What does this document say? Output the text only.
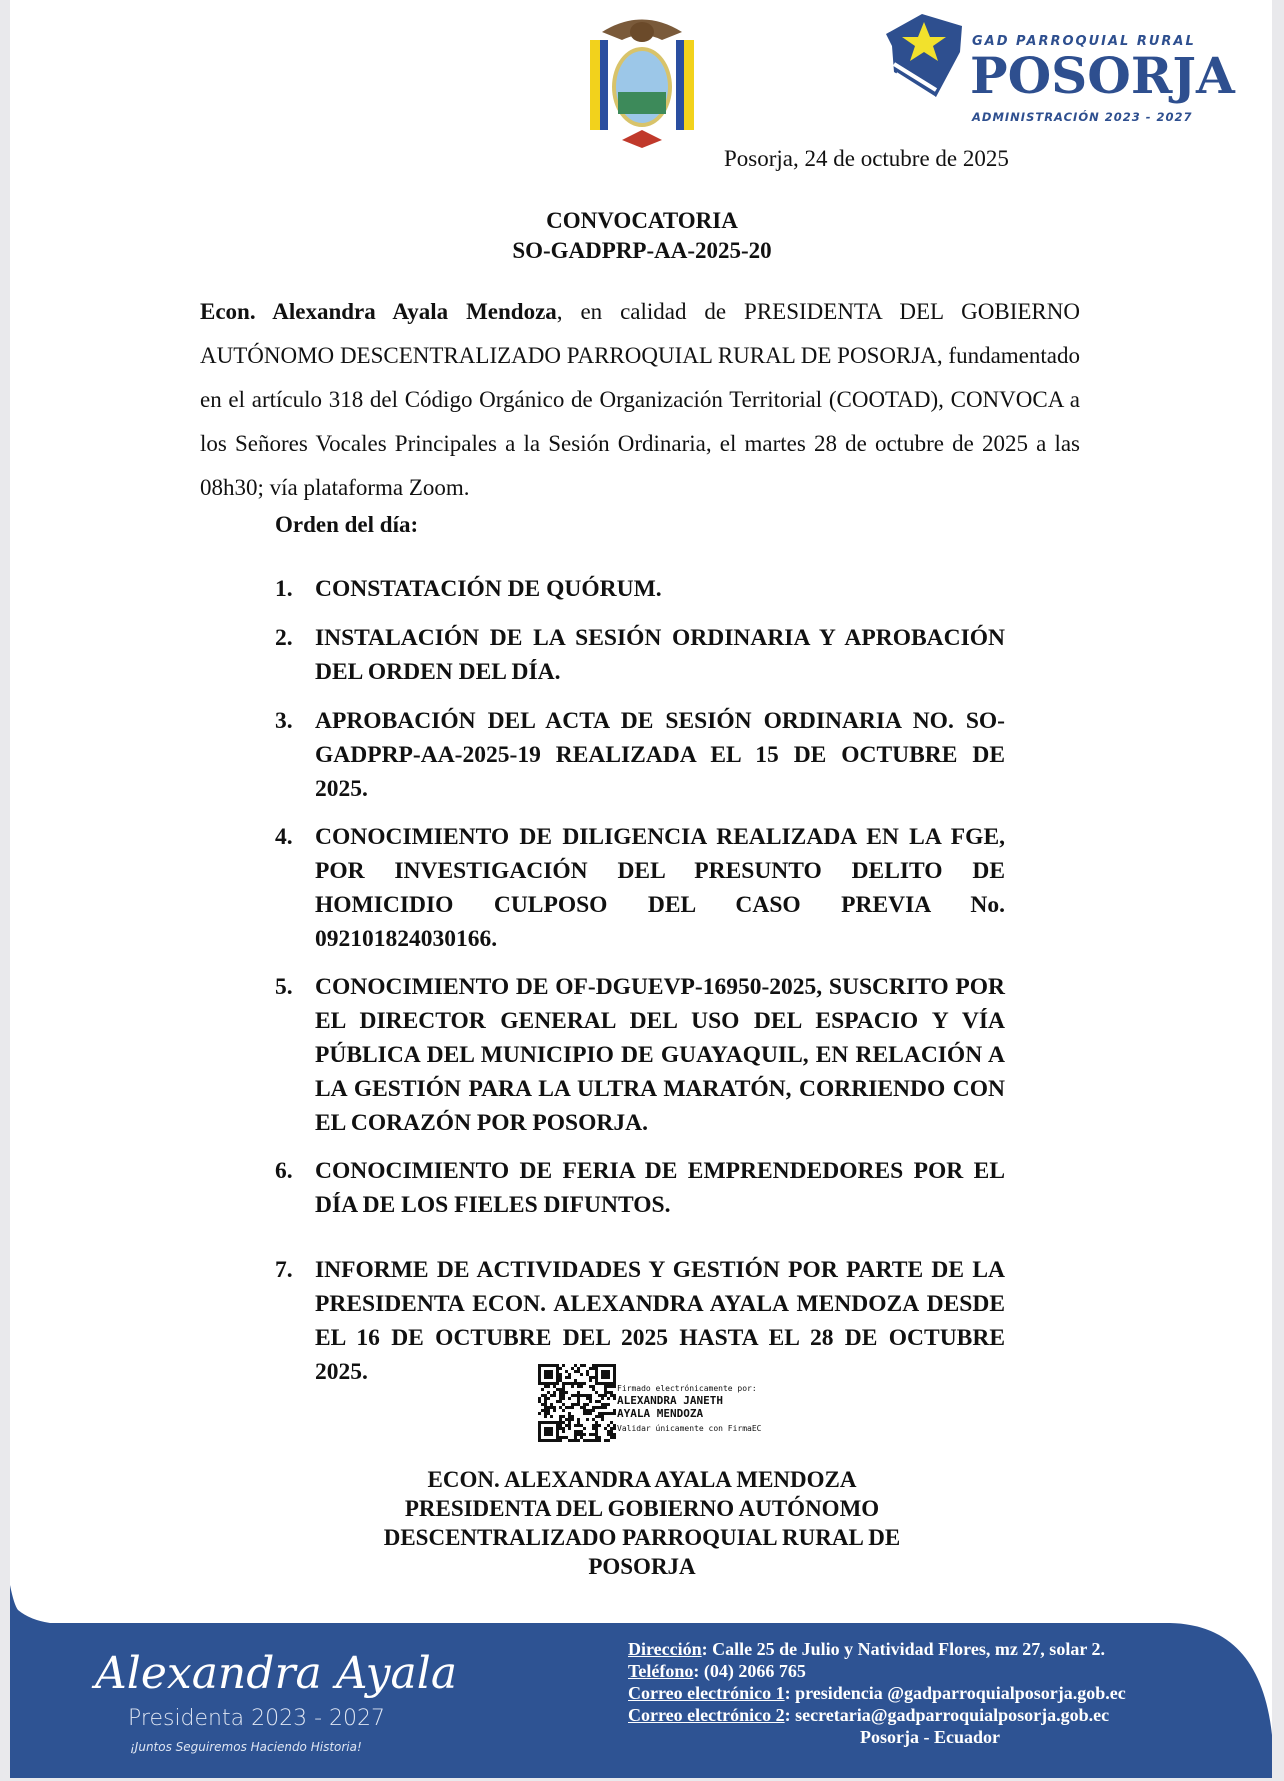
GAD PARROQUIAL RURAL
POSORJA
ADMINISTRACIÓN 2023 - 2027
Posorja, 24 de octubre de 2025
CONVOCATORIA
SO-GADPRP-AA-2025-20
Econ. Alexandra Ayala Mendoza, en calidad de PRESIDENTA DEL GOBIERNO AUTÓNOMO DESCENTRALIZADO PARROQUIAL RURAL DE POSORJA, fundamentado en el artículo 318 del Código Orgánico de Organización Territorial (COOTAD), CONVOCA a los Señores Vocales Principales a la Sesión Ordinaria, el martes 28 de octubre de 2025 a las 08h30; vía plataforma Zoom.
Orden del día:
1. CONSTATACIÓN DE QUÓRUM.
2. INSTALACIÓN DE LA SESIÓN ORDINARIA Y APROBACIÓN DEL ORDEN DEL DÍA.
3. APROBACIÓN DEL ACTA DE SESIÓN ORDINARIA NO. SO-GADPRP-AA-2025-19 REALIZADA EL 15 DE OCTUBRE DE 2025.
4. CONOCIMIENTO DE DILIGENCIA REALIZADA EN LA FGE, POR INVESTIGACIÓN DEL PRESUNTO DELITO DE HOMICIDIO CULPOSO DEL CASO PREVIA No. 092101824030166.
5. CONOCIMIENTO DE OF-DGUEVP-16950-2025, SUSCRITO POR EL DIRECTOR GENERAL DEL USO DEL ESPACIO Y VÍA PÚBLICA DEL MUNICIPIO DE GUAYAQUIL, EN RELACIÓN A LA GESTIÓN PARA LA ULTRA MARATÓN, CORRIENDO CON EL CORAZÓN POR POSORJA.
6. CONOCIMIENTO DE FERIA DE EMPRENDEDORES POR EL DÍA DE LOS FIELES DIFUNTOS.
7. INFORME DE ACTIVIDADES Y GESTIÓN POR PARTE DE LA PRESIDENTA ECON. ALEXANDRA AYALA MENDOZA DESDE EL 16 DE OCTUBRE DEL 2025 HASTA EL 28 DE OCTUBRE 2025.
Firmado electrónicamente por:
ALEXANDRA JANETH
AYALA MENDOZA
Validar únicamente con FirmaEC
ECON. ALEXANDRA AYALA MENDOZA
PRESIDENTA DEL GOBIERNO AUTÓNOMO
DESCENTRALIZADO PARROQUIAL RURAL DE
POSORJA
Alexandra Ayala
Presidenta 2023 - 2027
¡Juntos Seguiremos Haciendo Historia!
Dirección: Calle 25 de Julio y Natividad Flores, mz 27, solar 2.
Teléfono: (04) 2066 765
Correo electrónico 1: presidencia @gadparroquialposorja.gob.ec
Correo electrónico 2: secretaria@gadparroquialposorja.gob.ec
Posorja - Ecuador
